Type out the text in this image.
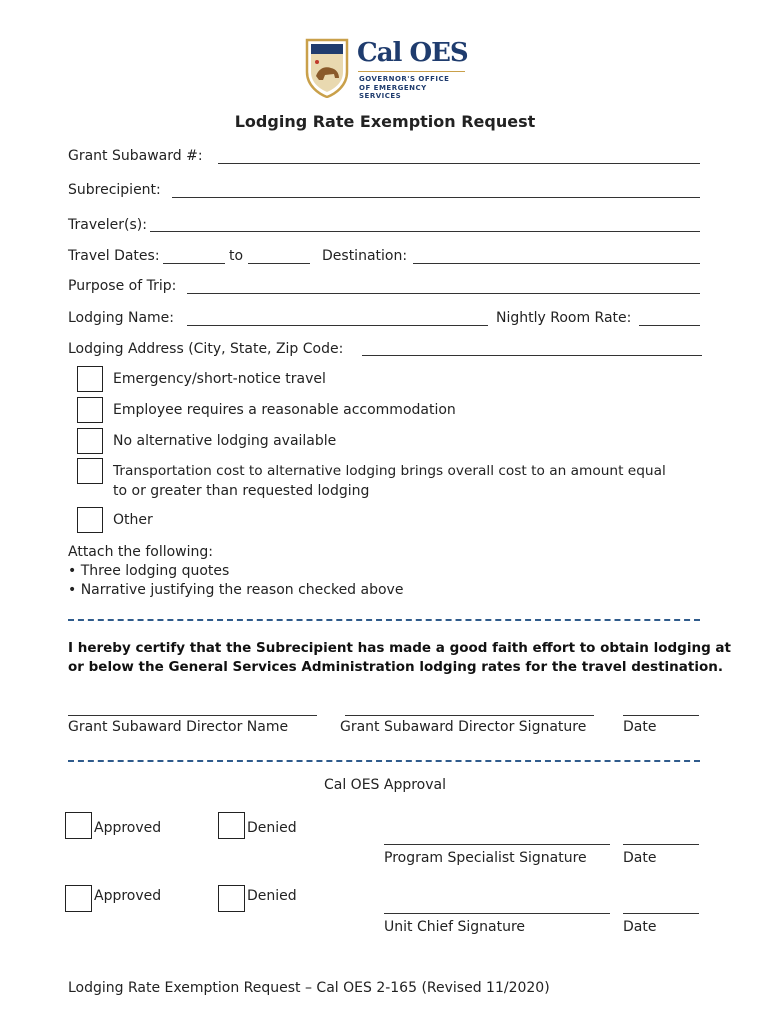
Cal OES
GOVERNOR'S OFFICE
OF EMERGENCY SERVICES
Lodging Rate Exemption Request
Grant Subaward #:
Subrecipient:
Traveler(s):
Travel Dates:	to	Destination:
Purpose of Trip:
Lodging Name:	Nightly Room Rate:
Lodging Address (City, State, Zip Code:
Emergency/short-notice travel
Employee requires a reasonable accommodation
No alternative lodging available
Transportation cost to alternative lodging brings overall cost to an amount equal
to or greater than requested lodging
Other
Attach the following:
• Three lodging quotes
• Narrative justifying the reason checked above
I hereby certify that the Subrecipient has made a good faith effort to obtain lodging at
or below the General Services Administration lodging rates for the travel destination.
Grant Subaward Director Name	Grant Subaward Director Signature	Date
Cal OES Approval
Approved	Denied
Program Specialist Signature	Date
Approved	Denied
Unit Chief Signature	Date
Lodging Rate Exemption Request – Cal OES 2-165 (Revised 11/2020)
